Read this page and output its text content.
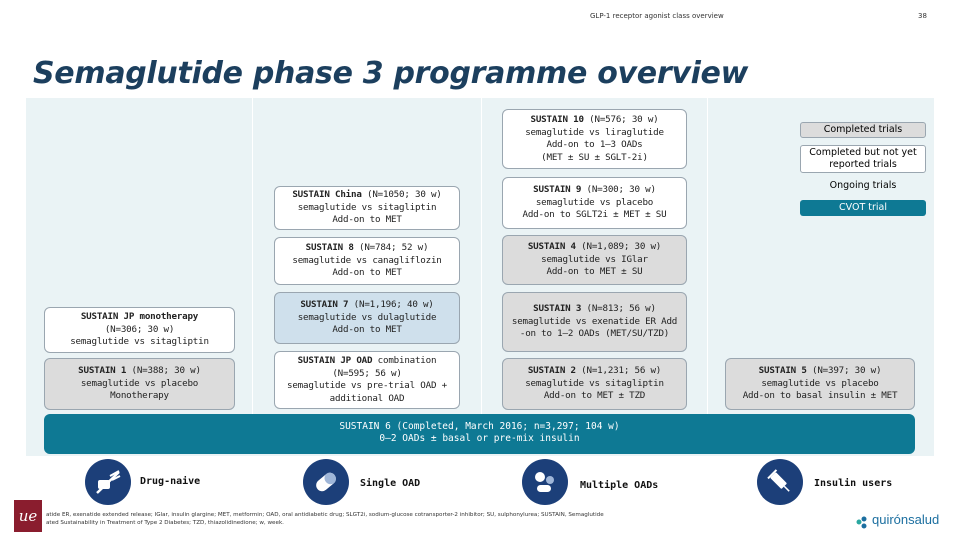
GLP-1 receptor agonist class overview	38
Semaglutide phase 3 programme overview
Completed trials
Completed but not yet reported trials
Ongoing trials
CVOT trial
SUSTAIN JP monotherapy
(N=306; 30 w)
semaglutide vs sitagliptin
SUSTAIN 1 (N=388; 30 w)
semaglutide vs placebo
Monotherapy
SUSTAIN China (N=1050; 30 w)
semaglutide vs sitagliptin
Add-on to MET
SUSTAIN 8 (N=784; 52 w)
semaglutide vs canagliflozin
Add-on to MET
SUSTAIN 7 (N=1,196; 40 w)
semaglutide vs dulaglutide
Add-on to MET
SUSTAIN JP OAD combination
(N=595; 56 w)
semaglutide vs pre-trial OAD +
additional OAD
SUSTAIN 10 (N=576; 30 w)
semaglutide vs liraglutide
Add-on to 1–3 OADs
(MET ± SU ± SGLT-2i)
SUSTAIN 9 (N=300; 30 w)
semaglutide vs placebo
Add-on to SGLT2i ± MET ± SU
SUSTAIN 4 (N=1,089; 30 w)
semaglutide vs IGlar
Add-on to MET ± SU
SUSTAIN 3 (N=813; 56 w)
semaglutide vs exenatide ER Add
-on to 1–2 OADs (MET/SU/TZD)
SUSTAIN 2 (N=1,231; 56 w)
semaglutide vs sitagliptin
Add-on to MET ± TZD
SUSTAIN 5 (N=397; 30 w)
semaglutide vs placebo
Add-on to basal insulin ± MET
SUSTAIN 6 (Completed, March 2016; n=3,297; 104 w)
0–2 OADs ± basal or pre-mix insulin
Drug-naive	Single OAD	Multiple OADs	Insulin users
ue	atide ER, exenatide extended release; IGlar, insulin glargine; MET, metformin; OAD, oral antidiabetic drug; SLGT2i, sodium-glucose cotransporter-2 inhibitor; SU, sulphonylurea; SUSTAIN, Semaglutide
ated Sustainability in Treatment of Type 2 Diabetes; TZD, thiazolidinedione; w, week.	quirónsalud
